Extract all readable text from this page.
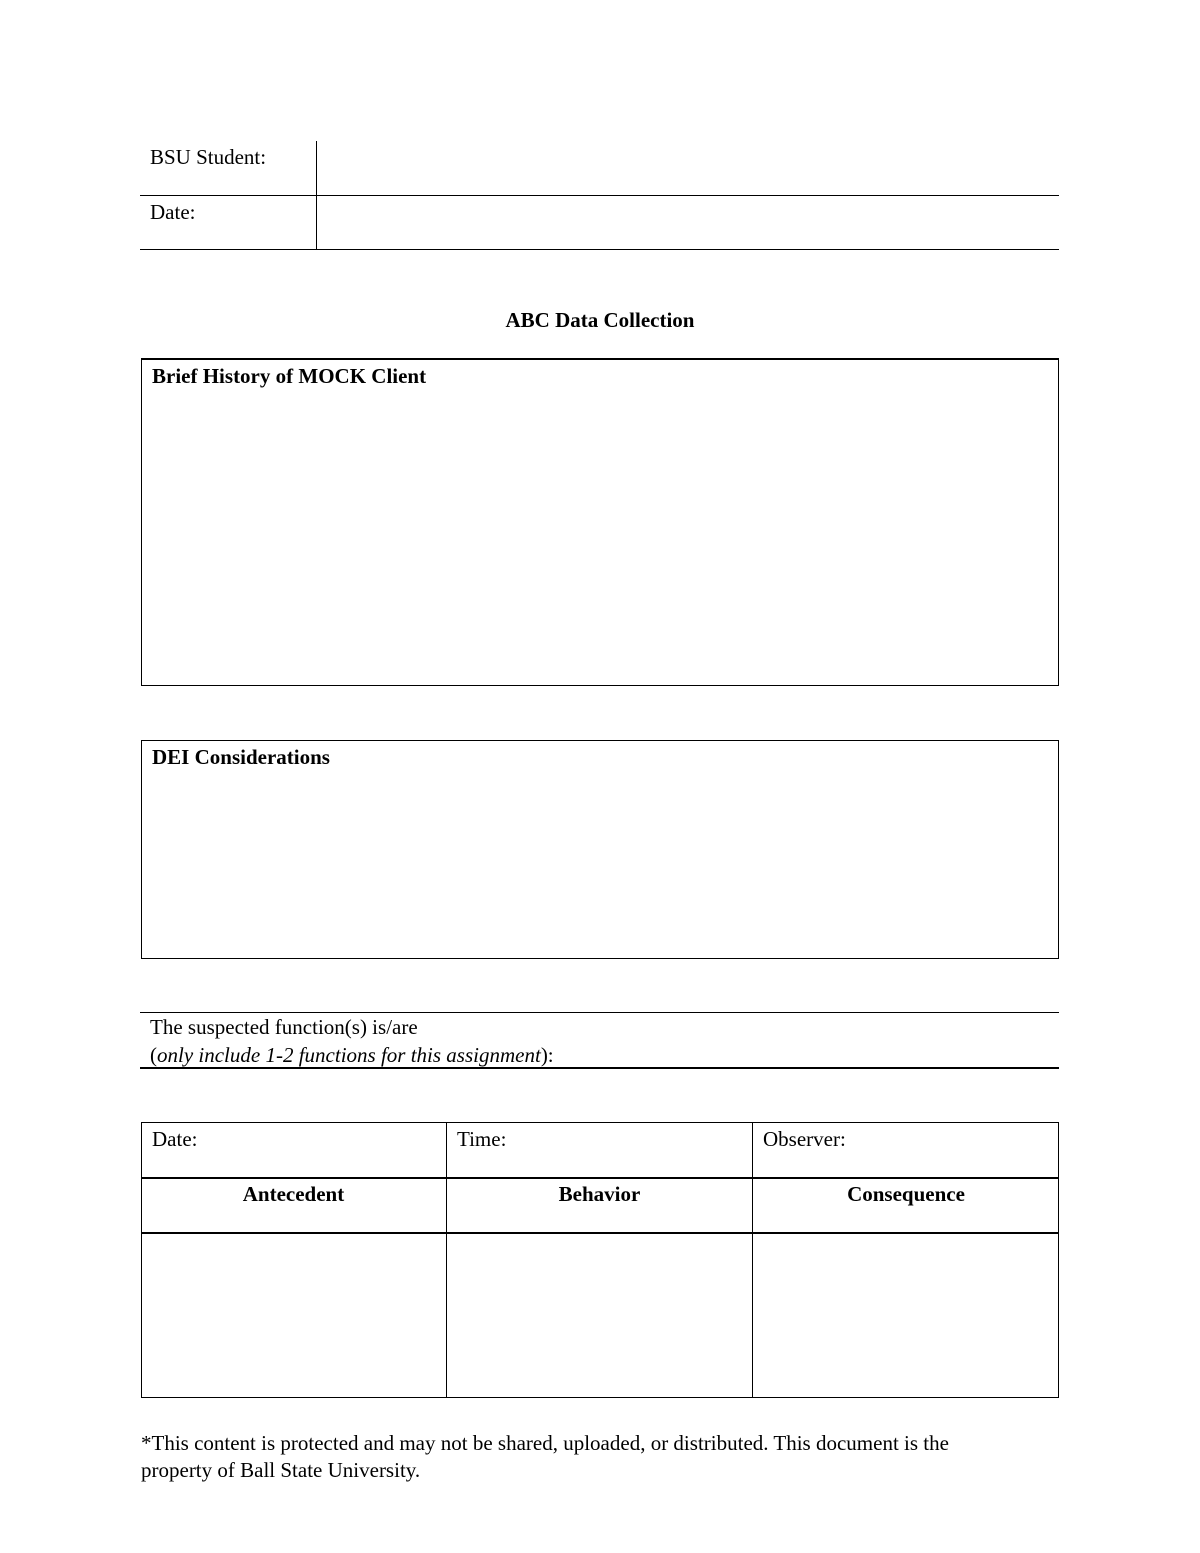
BSU Student:
Date:
ABC Data Collection
Brief History of MOCK Client
DEI Considerations
The suspected function(s) is/are
(only include 1-2 functions for this assignment):
Date:	Time:	Observer:
Antecedent	Behavior	Consequence
*This content is protected and may not be shared, uploaded, or distributed. This document is the
property of Ball State University.
